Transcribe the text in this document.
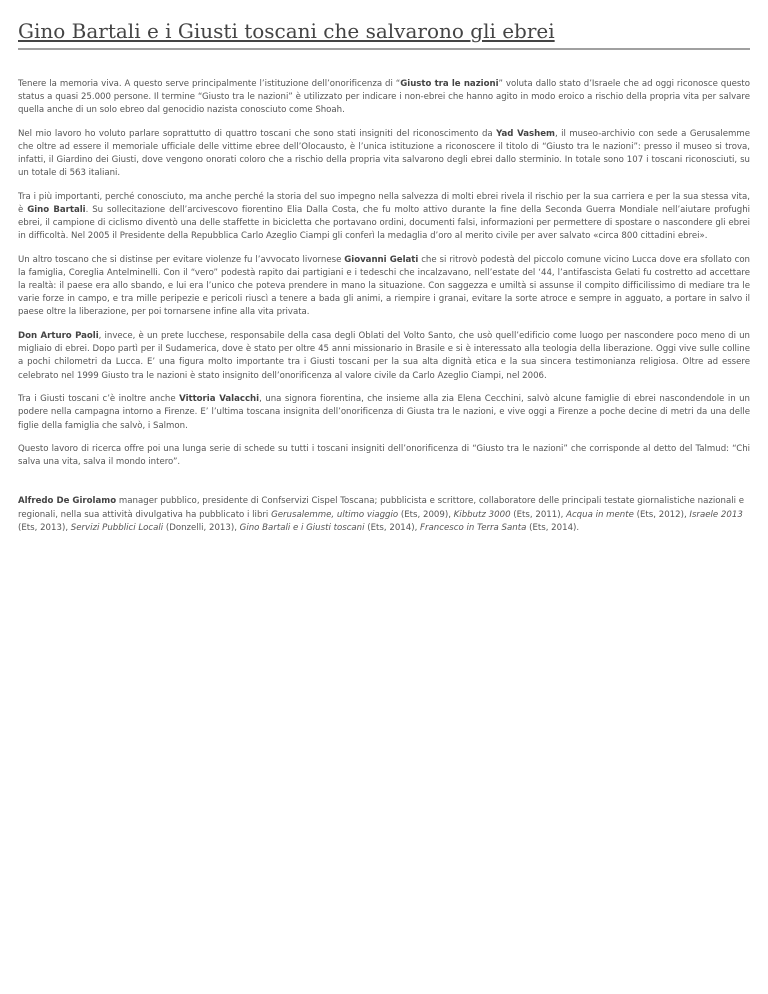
Gino Bartali e i Giusti toscani che salvarono gli ebrei

Tenere la memoria viva. A questo serve principalmente l’istituzione dell’onorificenza di “Giusto tra le nazioni” voluta dallo stato d’Israele che ad oggi riconosce questo status a quasi 25.000 persone. Il termine “Giusto tra le nazioni” è utilizzato per indicare i non-ebrei che hanno agito in modo eroico a rischio della propria vita per salvare quella anche di un solo ebreo dal genocidio nazista conosciuto come Shoah.

Nel mio lavoro ho voluto parlare soprattutto di quattro toscani che sono stati insigniti del riconoscimento da Yad Vashem, il museo-archivio con sede a Gerusalemme che oltre ad essere il memoriale ufficiale delle vittime ebree dell’Olocausto, è l’unica istituzione a riconoscere il titolo di “Giusto tra le nazioni”: presso il museo si trova, infatti, il Giardino dei Giusti, dove vengono onorati coloro che a rischio della propria vita salvarono degli ebrei dallo sterminio. In totale sono 107 i toscani riconosciuti, su un totale di 563 italiani.

Tra i più importanti, perché conosciuto, ma anche perché la storia del suo impegno nella salvezza di molti ebrei rivela il rischio per la sua carriera e per la sua stessa vita, è Gino Bartali. Su sollecitazione dell’arcivescovo fiorentino Elia Dalla Costa, che fu molto attivo durante la fine della Seconda Guerra Mondiale nell’aiutare profughi ebrei, il campione di ciclismo diventò una delle staffette in bicicletta che portavano ordini, documenti falsi, informazioni per permettere di spostare o nascondere gli ebrei in difficoltà. Nel 2005 il Presidente della Repubblica Carlo Azeglio Ciampi gli conferì la medaglia d’oro al merito civile per aver salvato «circa 800 cittadini ebrei».

Un altro toscano che si distinse per evitare violenze fu l’avvocato livornese Giovanni Gelati che si ritrovò podestà del piccolo comune vicino Lucca dove era sfollato con la famiglia, Coreglia Antelminelli. Con il “vero” podestà rapito dai partigiani e i tedeschi che incalzavano, nell’estate del ‘44, l’antifascista Gelati fu costretto ad accettare la realtà: il paese era allo sbando, e lui era l’unico che poteva prendere in mano la situazione. Con saggezza e umiltà si assunse il compito difficilissimo di mediare tra le varie forze in campo, e tra mille peripezie e pericoli riuscì a tenere a bada gli animi, a riempire i granai, evitare la sorte atroce e sempre in agguato, a portare in salvo il paese oltre la liberazione, per poi tornarsene infine alla vita privata.

Don Arturo Paoli, invece, è un prete lucchese, responsabile della casa degli Oblati del Volto Santo, che usò quell’edificio come luogo per nascondere poco meno di un migliaio di ebrei. Dopo partì per il Sudamerica, dove è stato per oltre 45 anni missionario in Brasile e si è interessato alla teologia della liberazione. Oggi vive sulle colline a pochi chilometri da Lucca. E’ una figura molto importante tra i Giusti toscani per la sua alta dignità etica e la sua sincera testimonianza religiosa. Oltre ad essere celebrato nel 1999 Giusto tra le nazioni è stato insignito dell’onorificenza al valore civile da Carlo Azeglio Ciampi, nel 2006.

Tra i Giusti toscani c’è inoltre anche Vittoria Valacchi, una signora fiorentina, che insieme alla zia Elena Cecchini, salvò alcune famiglie di ebrei nascondendole in un podere nella campagna intorno a Firenze. E’ l’ultima toscana insignita dell’onorificenza di Giusta tra le nazioni, e vive oggi a Firenze a poche decine di metri da una delle figlie della famiglia che salvò, i Salmon.

Questo lavoro di ricerca offre poi una lunga serie di schede su tutti i toscani insigniti dell’onorificenza di “Giusto tra le nazioni” che corrisponde al detto del Talmud: “Chi salva una vita, salva il mondo intero”.

Alfredo De Girolamo manager pubblico, presidente di Confservizi Cispel Toscana; pubblicista e scrittore, collaboratore delle principali testate giornalistiche nazionali e regionali, nella sua attività divulgativa ha pubblicato i libri Gerusalemme, ultimo viaggio (Ets, 2009), Kibbutz 3000 (Ets, 2011), Acqua in mente (Ets, 2012), Israele 2013 (Ets, 2013), Servizi Pubblici Locali (Donzelli, 2013), Gino Bartali e i Giusti toscani (Ets, 2014), Francesco in Terra Santa (Ets, 2014).
